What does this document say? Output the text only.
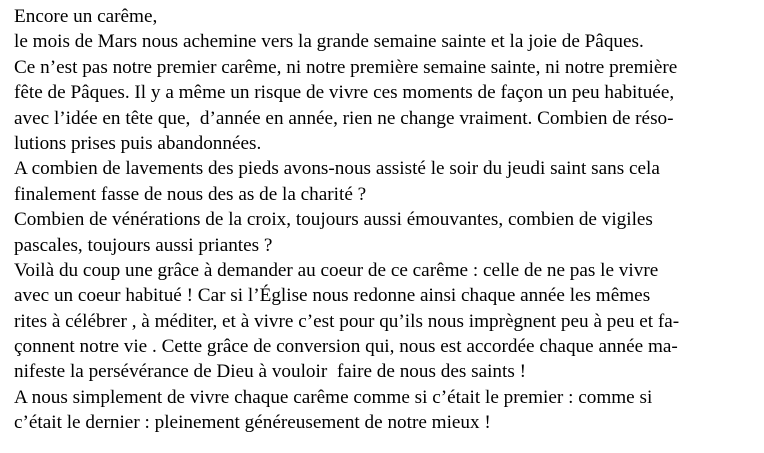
Encore un carême,
le mois de Mars nous achemine vers la grande semaine sainte et la joie de Pâques.
Ce n’est pas notre premier carême, ni notre première semaine sainte, ni notre première
fête de Pâques. Il y a même un risque de vivre ces moments de façon un peu habituée,
avec l’idée en tête que,  d’année en année, rien ne change vraiment. Combien de réso-
lutions prises puis abandonnées.
A combien de lavements des pieds avons-nous assisté le soir du jeudi saint sans cela
finalement fasse de nous des as de la charité ?
Combien de vénérations de la croix, toujours aussi émouvantes, combien de vigiles
pascales, toujours aussi priantes ?
Voilà du coup une grâce à demander au coeur de ce carême : celle de ne pas le vivre
avec un coeur habitué ! Car si l’Église nous redonne ainsi chaque année les mêmes
rites à célébrer , à méditer, et à vivre c’est pour qu’ils nous imprègnent peu à peu et fa-
çonnent notre vie . Cette grâce de conversion qui, nous est accordée chaque année ma-
nifeste la persévérance de Dieu à vouloir  faire de nous des saints !
A nous simplement de vivre chaque carême comme si c’était le premier : comme si
c’était le dernier : pleinement généreusement de notre mieux !
